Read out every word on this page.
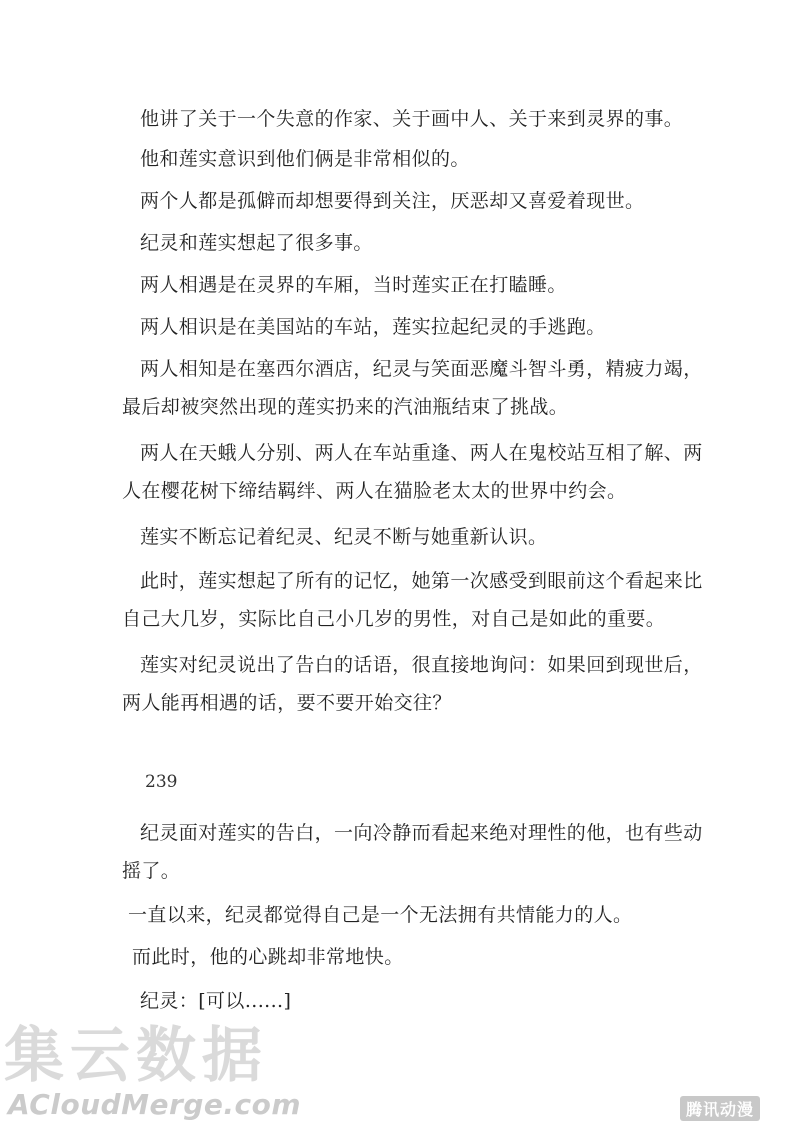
他讲了关于一个失意的作家、关于画中人、关于来到灵界的事。

他和莲实意识到他们俩是非常相似的。

两个人都是孤僻而却想要得到关注，厌恶却又喜爱着现世。

纪灵和莲实想起了很多事。

两人相遇是在灵界的车厢，当时莲实正在打瞌睡。

两人相识是在美国站的车站，莲实拉起纪灵的手逃跑。

两人相知是在塞西尔酒店，纪灵与笑面恶魔斗智斗勇，精疲力竭，
最后却被突然出现的莲实扔来的汽油瓶结束了挑战。

两人在天蛾人分别、两人在车站重逢、两人在鬼校站互相了解、两
人在樱花树下缔结羁绊、两人在猫脸老太太的世界中约会。

莲实不断忘记着纪灵、纪灵不断与她重新认识。

此时，莲实想起了所有的记忆，她第一次感受到眼前这个看起来比
自己大几岁，实际比自己小几岁的男性，对自己是如此的重要。

莲实对纪灵说出了告白的话语，很直接地询问：如果回到现世后，
两人能再相遇的话，要不要开始交往？

239

纪灵面对莲实的告白，一向冷静而看起来绝对理性的他，也有些动
摇了。

一直以来，纪灵都觉得自己是一个无法拥有共情能力的人。

而此时，他的心跳却非常地快。

纪灵：[可以......]

集云数据
ACloudMerge.com	腾讯动漫
